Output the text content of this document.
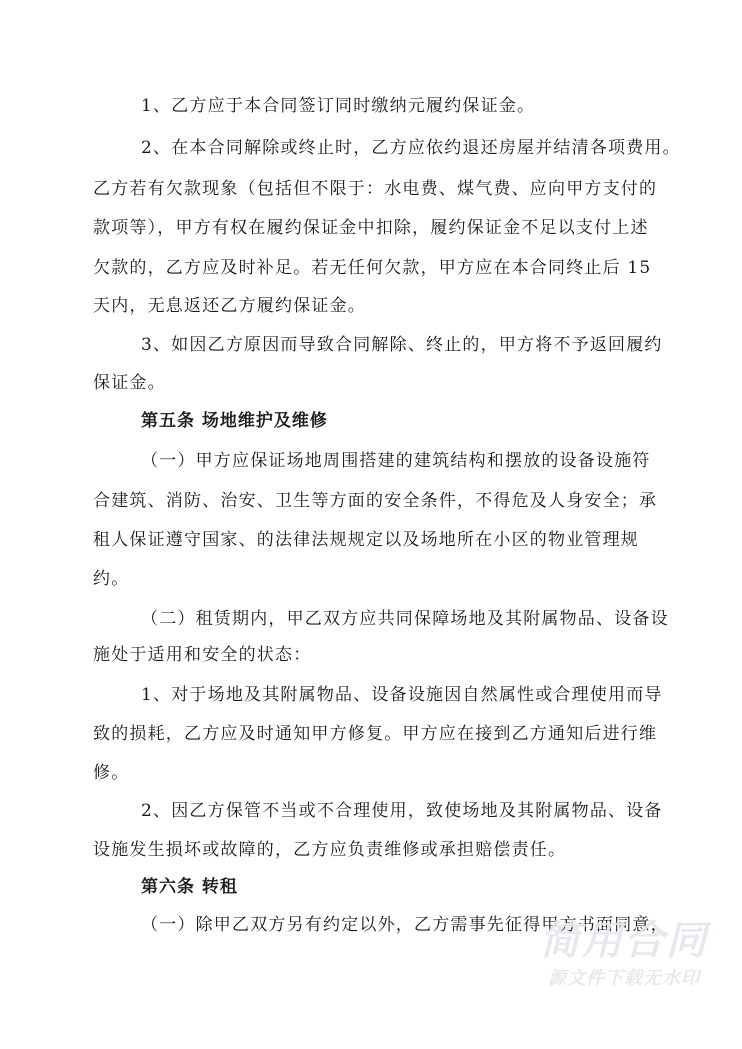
1、乙方应于本合同签订同时缴纳元履约保证金。
2、在本合同解除或终止时，乙方应依约退还房屋并结清各项费用。
乙方若有欠款现象（包括但不限于：水电费、煤气费、应向甲方支付的
款项等），甲方有权在履约保证金中扣除，履约保证金不足以支付上述
欠款的，乙方应及时补足。若无任何欠款，甲方应在本合同终止后 15
天内，无息返还乙方履约保证金。
3、如因乙方原因而导致合同解除、终止的，甲方将不予返回履约
保证金。
第五条 场地维护及维修
（一）甲方应保证场地周围搭建的建筑结构和摆放的设备设施符
合建筑、消防、治安、卫生等方面的安全条件，不得危及人身安全；承
租人保证遵守国家、的法律法规规定以及场地所在小区的物业管理规
约。
（二）租赁期内，甲乙双方应共同保障场地及其附属物品、设备设
施处于适用和安全的状态：
1、对于场地及其附属物品、设备设施因自然属性或合理使用而导
致的损耗，乙方应及时通知甲方修复。甲方应在接到乙方通知后进行维
修。
2、因乙方保管不当或不合理使用，致使场地及其附属物品、设备
设施发生损坏或故障的，乙方应负责维修或承担赔偿责任。
第六条 转租
（一）除甲乙双方另有约定以外，乙方需事先征得甲方书面同意，
简用合同
源文件下载无水印
